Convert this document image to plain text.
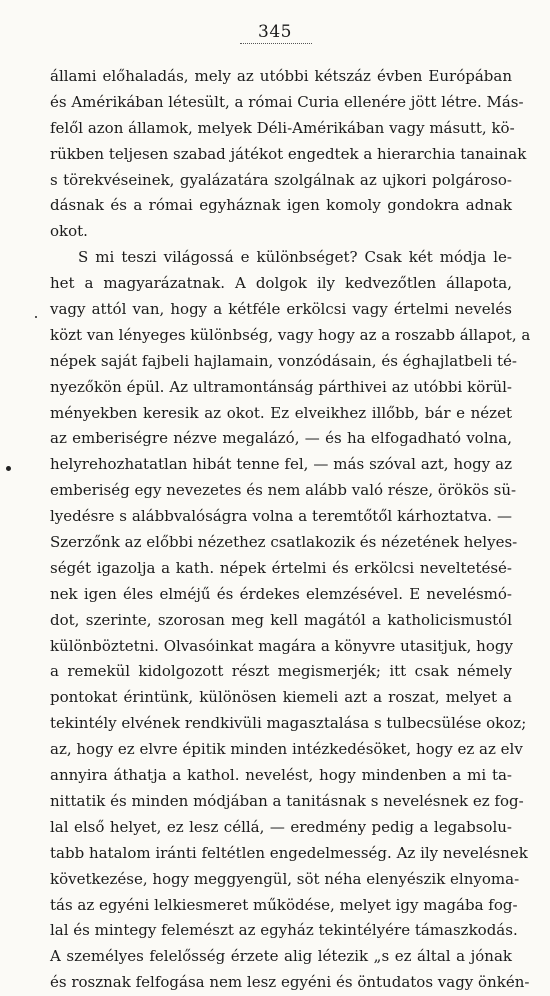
345
állami előhaladás, mely az utóbbi kétszáz évben Európában
és Amérikában létesült, a római Curia ellenére jött létre. Más-
felől azon államok, melyek Déli-Amérikában vagy másutt, kö-
rükben teljesen szabad játékot engedtek a hierarchia tanainak
s törekvéseinek, gyalázatára szolgálnak az ujkori polgároso-
dásnak és a római egyháznak igen komoly gondokra adnak
okot.
S mi teszi világossá e különbséget? Csak két módja le-
het a magyarázatnak. A dolgok ily kedvezőtlen állapota,
vagy attól van, hogy a kétféle erkölcsi vagy értelmi nevelés
közt van lényeges különbség, vagy hogy az a roszabb állapot, a
népek saját fajbeli hajlamain, vonzódásain, és éghajlatbeli té-
nyezőkön épül. Az ultramontánság párthivei az utóbbi körül-
ményekben keresik az okot. Ez elveikhez illőbb, bár e nézet
az emberiségre nézve megalázó, — és ha elfogadható volna,
helyrehozhatatlan hibát tenne fel, — más szóval azt, hogy az
emberiség egy nevezetes és nem alább való része, örökös sü-
lyedésre s alábbvalóságra volna a teremtőtől kárhoztatva. —
Szerzőnk az előbbi nézethez csatlakozik és nézetének helyes-
ségét igazolja a kath. népek értelmi és erkölcsi neveltetésé-
nek igen éles elméjű és érdekes elemzésével. E nevelésmó-
dot, szerinte, szorosan meg kell magától a katholicismustól
különböztetni. Olvasóinkat magára a könyvre utasitjuk, hogy
a remekül kidolgozott részt megismerjék; itt csak némely
pontokat érintünk, különösen kiemeli azt a roszat, melyet a
tekintély elvének rendkivüli magasztalása s tulbecsülése okoz;
az, hogy ez elvre épitik minden intézkedésöket, hogy ez az elv
annyira áthatja a kathol. nevelést, hogy mindenben a mi ta-
nittatik és minden módjában a tanitásnak s nevelésnek ez fog-
lal első helyet, ez lesz céllá, — eredmény pedig a legabsolu-
tabb hatalom iránti feltétlen engedelmesség. Az ily nevelésnek
következése, hogy meggyengül, söt néha elenyészik elnyoma-
tás az egyéni lelkiesmeret működése, melyet igy magába fog-
lal és mintegy felemészt az egyház tekintélyére támaszkodás.
A személyes felelősség érzete alig létezik „s ez által a jónak
és rosznak felfogása nem lesz egyéni és öntudatos vagy önkén-
